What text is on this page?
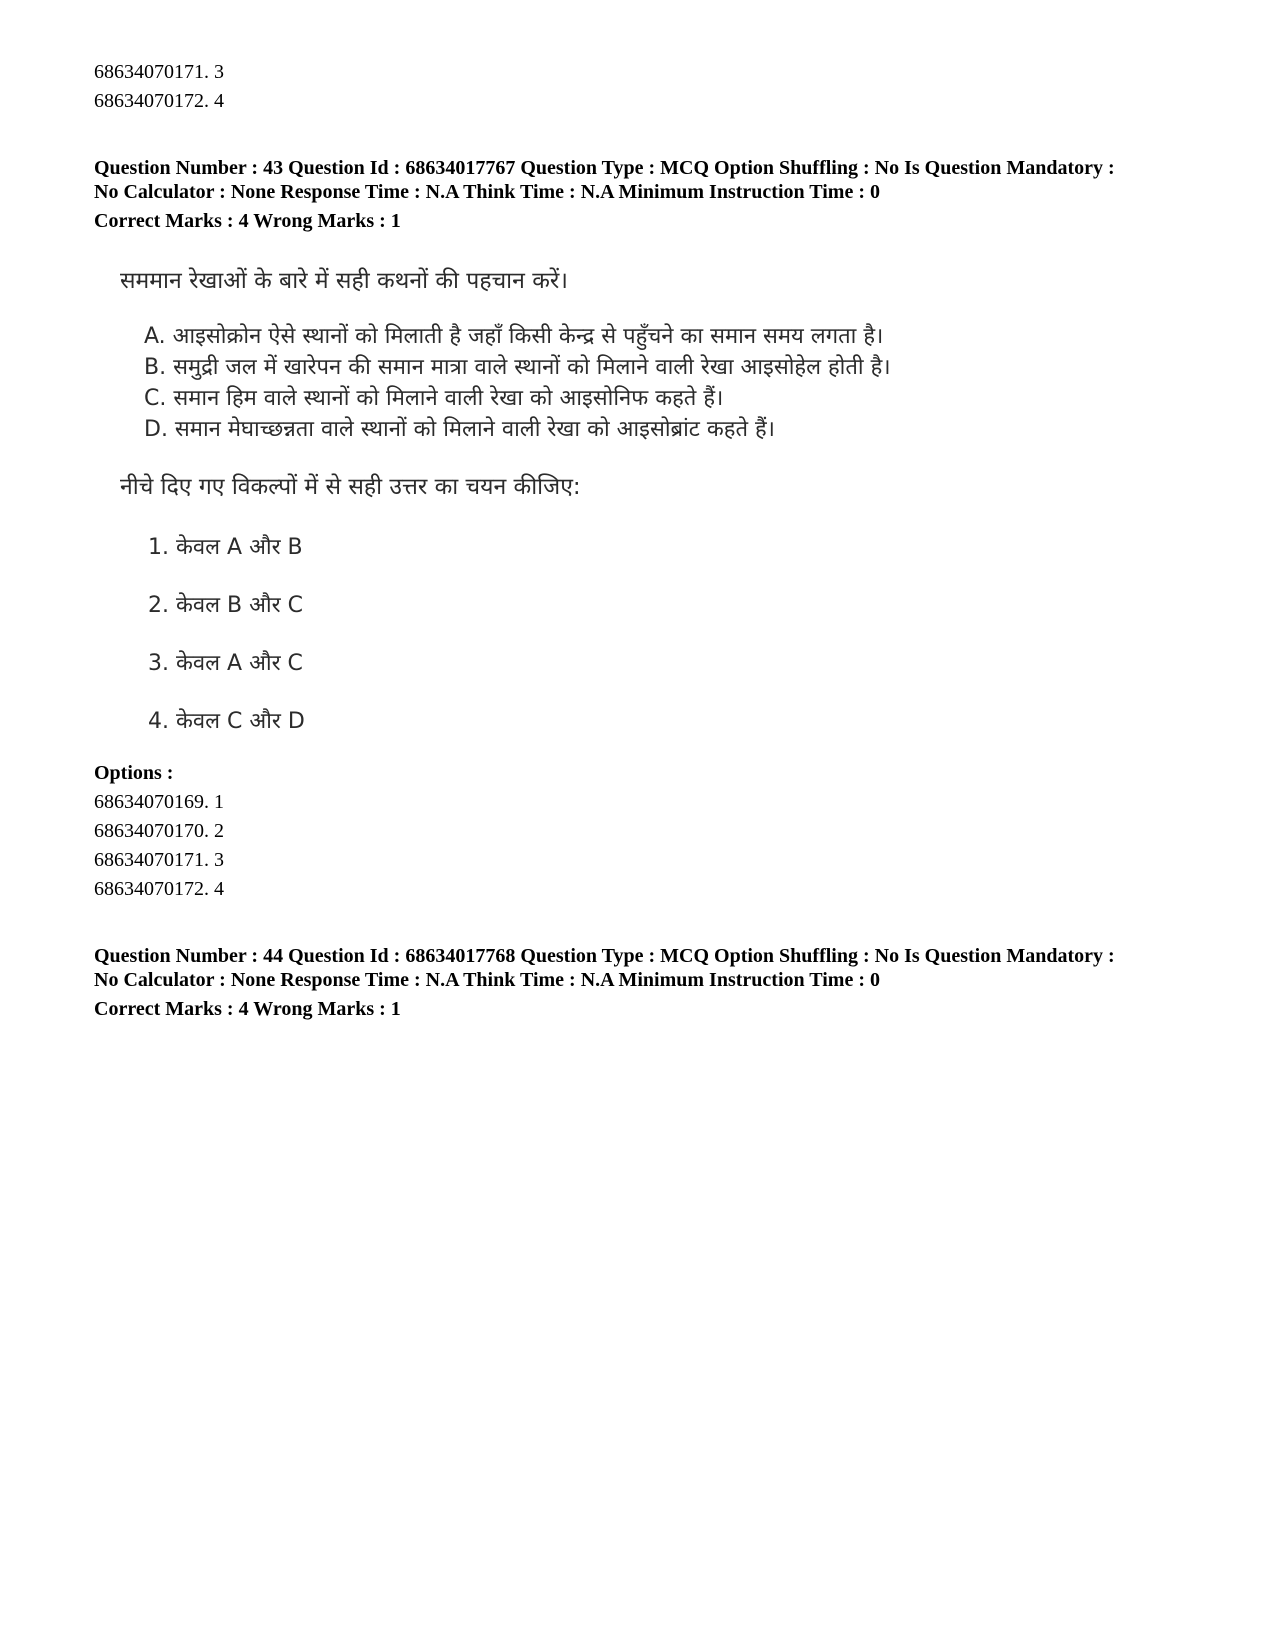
68634070171. 3
68634070172. 4
Question Number : 43 Question Id : 68634017767 Question Type : MCQ Option Shuffling : No Is Question Mandatory :
No Calculator : None Response Time : N.A Think Time : N.A Minimum Instruction Time : 0
Correct Marks : 4 Wrong Marks : 1
सममान रेखाओं के बारे में सही कथनों की पहचान करें।
A. आइसोक्रोन ऐसे स्थानों को मिलाती है जहाँ किसी केन्द्र से पहुँचने का समान समय लगता है।
B. समुद्री जल में खारेपन की समान मात्रा वाले स्थानों को मिलाने वाली रेखा आइसोहेल होती है।
C. समान हिम वाले स्थानों को मिलाने वाली रेखा को आइसोनिफ कहते हैं।
D. समान मेघाच्छन्नता वाले स्थानों को मिलाने वाली रेखा को आइसोब्रांट कहते हैं।
नीचे दिए गए विकल्पों में से सही उत्तर का चयन कीजिए:
1. केवल A और B
2. केवल B और C
3. केवल A और C
4. केवल C और D
Options :
68634070169. 1
68634070170. 2
68634070171. 3
68634070172. 4
Question Number : 44 Question Id : 68634017768 Question Type : MCQ Option Shuffling : No Is Question Mandatory :
No Calculator : None Response Time : N.A Think Time : N.A Minimum Instruction Time : 0
Correct Marks : 4 Wrong Marks : 1
